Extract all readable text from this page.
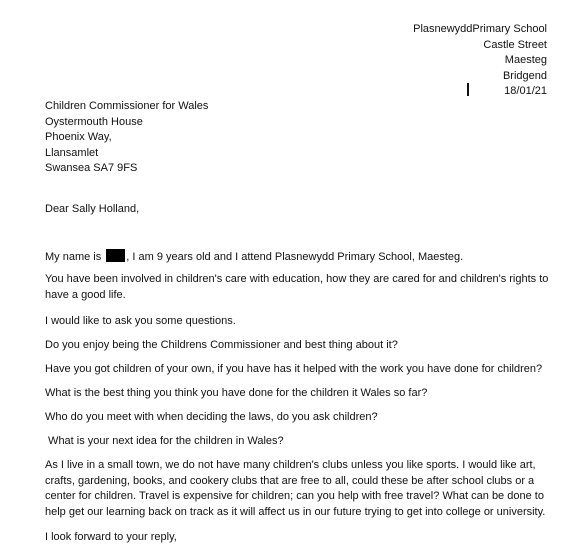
PlasnewyddPrimary School
Castle Street
Maesteg
Bridgend
18/01/21
Children Commissioner for Wales
Oystermouth House
Phoenix Way,
Llansamlet
Swansea SA7 9FS
Dear Sally Holland,
My name is , I am 9 years old and I attend Plasnewydd Primary School, Maesteg.
You have been involved in children's care with education, how they are cared for and children's rights to have a good life.
I would like to ask you some questions.
Do you enjoy being the Childrens Commissioner and best thing about it?
Have you got children of your own, if you have has it helped with the work you have done for children?
What is the best thing you think you have done for the children it Wales so far?
Who do you meet with when deciding the laws, do you ask children?
What is your next idea for the children in Wales?
As I live in a small town, we do not have many children's clubs unless you like sports. I would like art, crafts, gardening, books, and cookery clubs that are free to all, could these be after school clubs or a center for children. Travel is expensive for children; can you help with free travel? What can be done to help get our learning back on track as it will affect us in our future trying to get into college or university.
I look forward to your reply,
